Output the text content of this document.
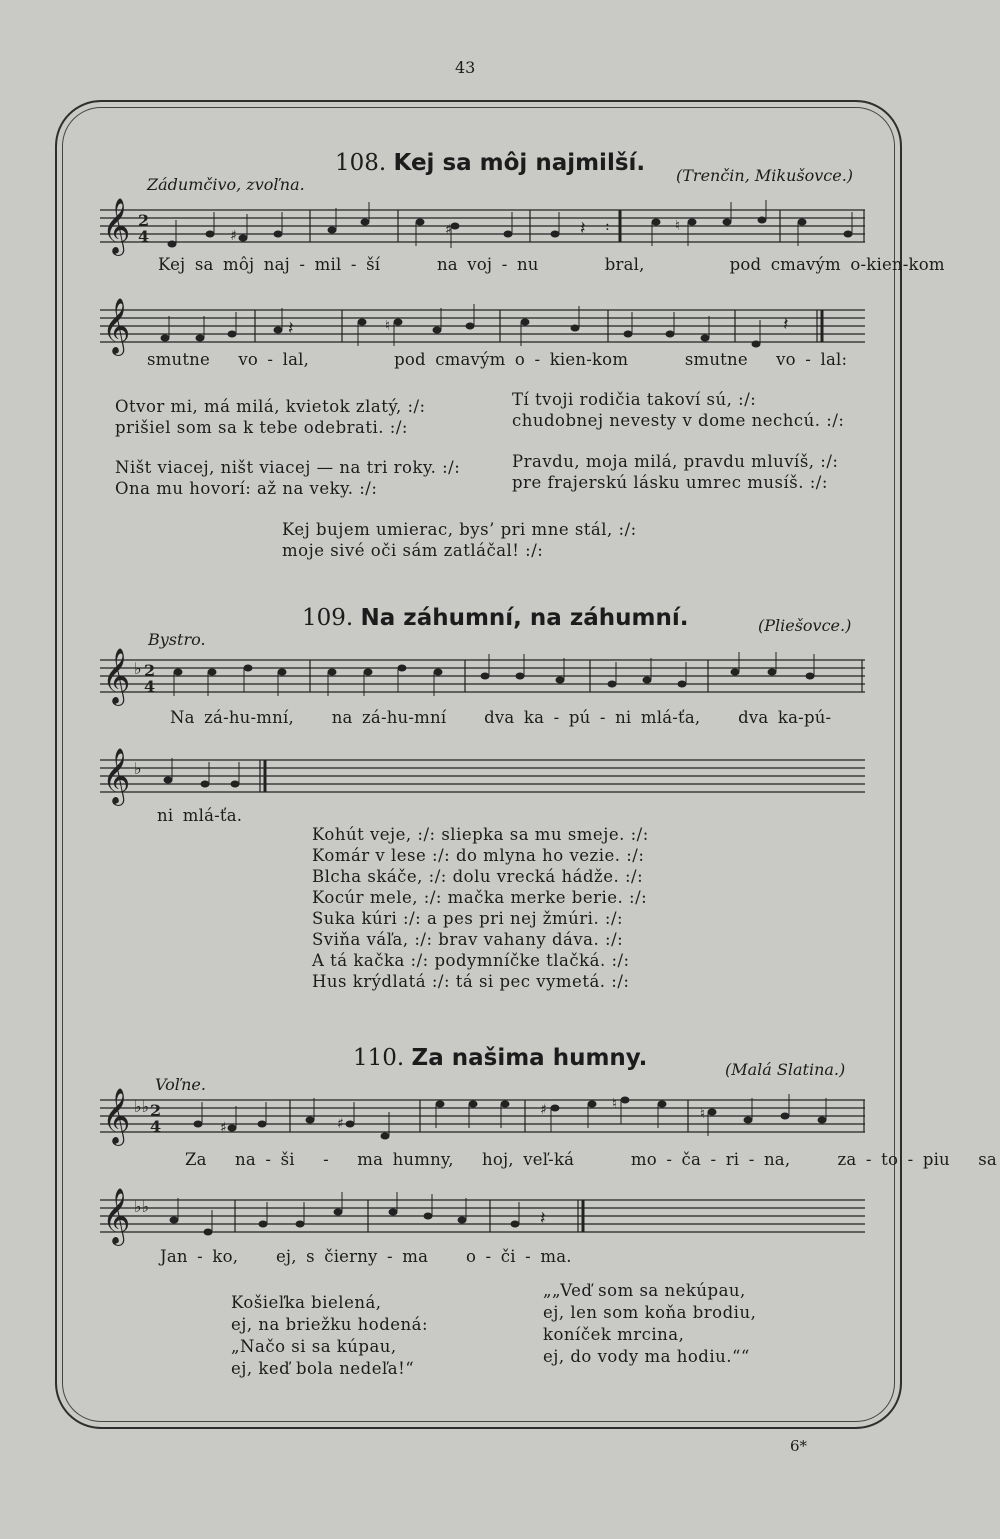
43
Zádumčivo, zvoľna.
108. Kej sa môj najmilší. (Trenčin, Mikušovce.)
𝄞 2
4	♯	♯	♮
𝄽 :
Kej sa môj naj - mil - ší	na voj - nu	bral,	pod cmavým o-kien-kom
𝄞	♮
𝄽	𝄽
smutne vo - lal,	pod cmavým o - kien-kom	smutne vo - lal:
Otvor mi, má milá, kvietok zlatý, :/:
prišiel som sa k tebe odebrati. :/:
Tí tvoji rodičia takoví sú, :/:
chudobnej nevesty v dome nechcú. :/:
Ništ viacej, ništ viacej — na tri roky. :/:
Ona mu hovorí: až na veky. :/:
Pravdu, moja milá, pravdu mluvíš, :/:
pre frajerskú lásku umrec musíš. :/:
Kej bujem umierac, bys’ pri mne stál, :/:
moje sivé oči sám zatláčal! :/:
Bystro.
109. Na záhumní, na záhumní.	(Pliešovce.)
𝄞 ♭ 2
4
Na zá-hu-mní, na zá-hu-mní dva ka - pú - ni mlá-ťa, dva ka-pú-
𝄞 ♭
ni mlá-ťa.
Kohút veje, :/: sliepka sa mu smeje. :/:
Komár v lese :/: do mlyna ho vezie. :/:
Blcha skáče, :/: dolu vrecká hádže. :/:
Kocúr mele, :/: mačka merke berie. :/:
Suka kúri :/: a pes pri nej žmúri. :/:
Sviňa váľa, :/: brav vahany dáva. :/:
A tá kačka :/: podymníčke tlačká. :/:
Hus krýdlatá :/: tá si pec vymetá. :/:
Voľne.
110. Za našima humny.	(Malá Slatina.)
𝄞 ♭♭ 2
4	♯	♯
♯	♮
♮
Za na - ši - ma humny, hoj, veľ-ká	mo - ča - ri - na,	za - to - piu sa
𝄞 ♭♭
𝄽
Jan - ko, ej, s čierny - ma o - či - ma.
Košieľka bielená,
ej, na briežku hodená:
„Načo si sa kúpau,
ej, keď bola nedeľa!“
„„Veď som sa nekúpau,
ej, len som koňa brodiu,
koníček mrcina,
ej, do vody ma hodiu.““
6*
